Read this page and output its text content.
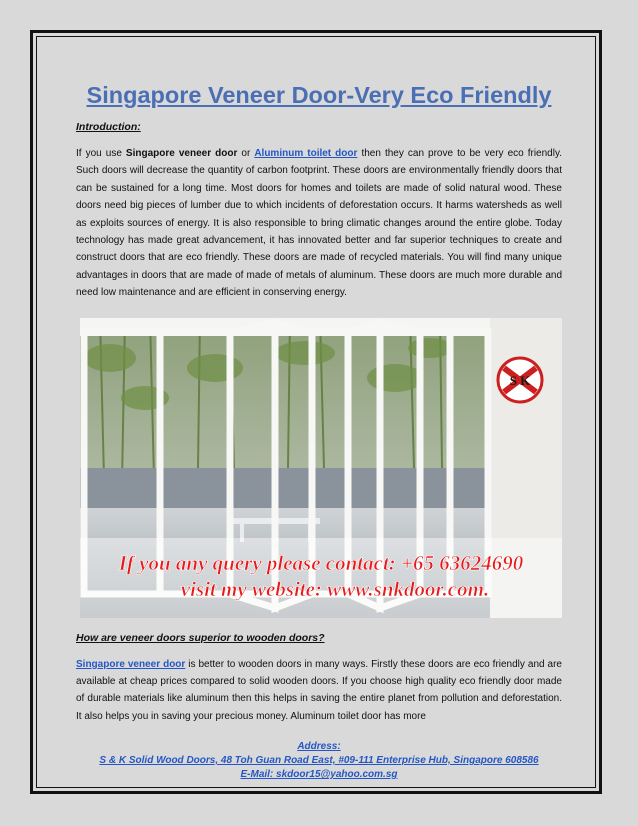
Singapore Veneer Door-Very Eco Friendly
Introduction:

If you use Singapore veneer door or Aluminum toilet door then they can prove to be very eco friendly. Such doors will decrease the quantity of carbon footprint. These doors are environmentally friendly doors that can be sustained for a long time. Most doors for homes and toilets are made of solid natural wood. These doors need big pieces of lumber due to which incidents of deforestation occurs. It harms watersheds as well as exploits sources of energy. It is also responsible to bring climatic changes around the entire globe. Today technology has made great advancement, it has innovated better and far superior techniques to create and construct doors that are eco friendly. These doors are made of recycled materials. You will find many unique advantages in doors that are made of made of metals of aluminum. These doors are much more durable and need low maintenance and are efficient in conserving energy.

S K
If you any query please contact: +65 63624690
visit my website: www.snkdoor.com.
How are veneer doors superior to wooden doors?

Singapore veneer door is better to wooden doors in many ways. Firstly these doors are eco friendly and are available at cheap prices compared to solid wooden doors. If you choose high quality eco friendly door made of durable materials like aluminum then this helps in saving the entire planet from pollution and deforestation. It also helps you in saving your precious money. Aluminum toilet door has more

Address:
S & K Solid Wood Doors, 48 Toh Guan Road East, #09-111 Enterprise Hub, Singapore 608586
E-Mail: skdoor15@yahoo.com.sg
